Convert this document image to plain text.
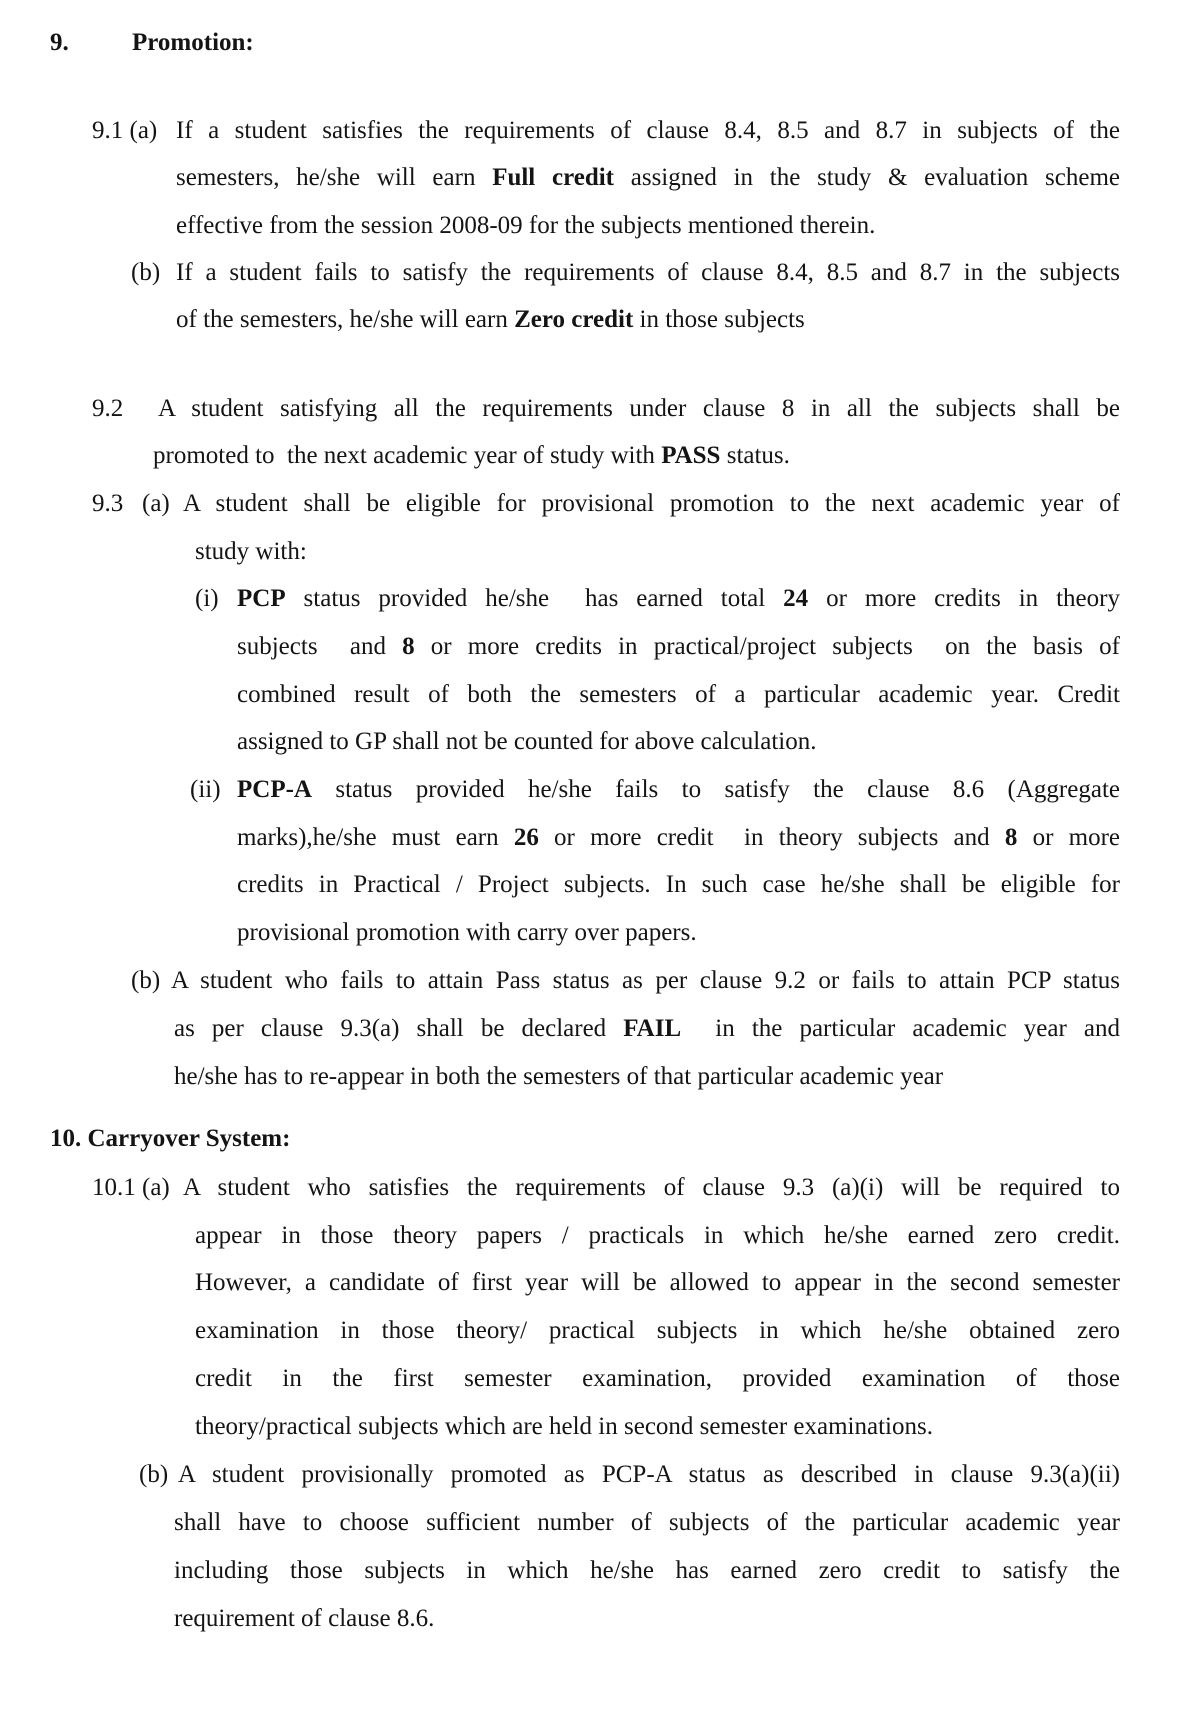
9.	Promotion:
9.1 (a) If a student satisfies the requirements of clause 8.4, 8.5 and 8.7 in subjects of the
semesters, he/she will earn Full credit assigned in the study & evaluation scheme
effective from the session 2008-09 for the subjects mentioned therein.
(b) If a student fails to satisfy the requirements of clause 8.4, 8.5 and 8.7 in the subjects
of the semesters, he/she will earn Zero credit in those subjects
9.2 A student satisfying all the requirements under clause 8 in all the subjects shall be
promoted to  the next academic year of study with PASS status.
9.3 (a) A student shall be eligible for provisional promotion to the next academic year of
study with:
(i) PCP status provided he/she  has earned total 24 or more credits in theory
subjects  and 8 or more credits in practical/project subjects  on the basis of
combined result of both the semesters of a particular academic year. Credit
assigned to GP shall not be counted for above calculation.
(ii) PCP-A status provided he/she fails to satisfy the clause 8.6 (Aggregate
marks),he/she must earn 26 or more credit  in theory subjects and 8 or more
credits in Practical / Project subjects. In such case he/she shall be eligible for
provisional promotion with carry over papers.
(b) A student who fails to attain Pass status as per clause 9.2 or fails to attain PCP status
as per clause 9.3(a) shall be declared FAIL  in the particular academic year and
he/she has to re-appear in both the semesters of that particular academic year
10. Carryover System:
10.1 (a) A student who satisfies the requirements of clause 9.3 (a)(i) will be required to
appear in those theory papers / practicals in which he/she earned zero credit.
However, a candidate of first year will be allowed to appear in the second semester
examination in those theory/ practical subjects in which he/she obtained zero
credit in the first semester examination, provided examination of those
theory/practical subjects which are held in second semester examinations.
(b) A student provisionally promoted as PCP-A status as described in clause 9.3(a)(ii)
shall have to choose sufficient number of subjects of the particular academic year
including those subjects in which he/she has earned zero credit to satisfy the
requirement of clause 8.6.
